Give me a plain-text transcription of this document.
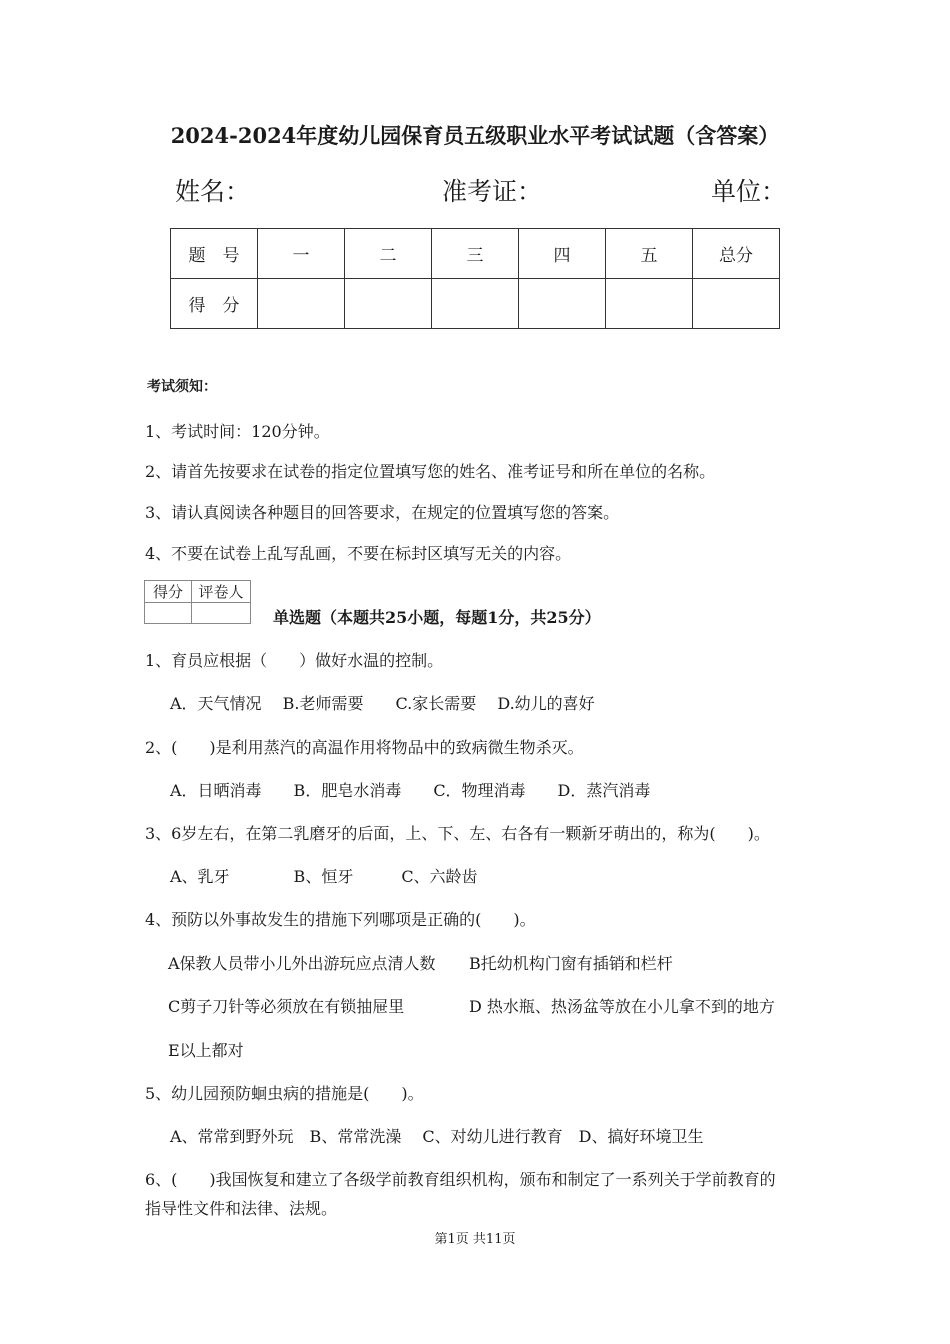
2024-2024年度幼儿园保育员五级职业水平考试试题（含答案）
姓名：	准考证：	单位：
题　号	一	二	三	四	五	总分
得　分						
考试须知：
1、考试时间：120分钟。
2、请首先按要求在试卷的指定位置填写您的姓名、准考证号和所在单位的名称。
3、请认真阅读各种题目的回答要求，在规定的位置填写您的答案。
4、不要在试卷上乱写乱画，不要在标封区填写无关的内容。
得分	评卷人

单选题（本题共25小题，每题1分，共25分）
1、育员应根据（　　）做好水温的控制。
A．天气情况　 B.老师需要　　C.家长需要　 D.幼儿的喜好
2、(　　)是利用蒸汽的高温作用将物品中的致病微生物杀灭。
A．日晒消毒　　B．肥皂水消毒　　C．物理消毒　　D．蒸汽消毒
3、6岁左右，在第二乳磨牙的后面，上、下、左、右各有一颗新牙萌出的，称为(　　)。
A、乳牙　　　　B、恒牙　　　C、六龄齿
4、预防以外事故发生的措施下列哪项是正确的(　　)。
A保教人员带小儿外出游玩应点清人数 B托幼机构门窗有插销和栏杆
C剪子刀针等必须放在有锁抽屉里	D 热水瓶、热汤盆等放在小儿拿不到的地方
E以上都对
5、幼儿园预防蛔虫病的措施是(　　)。
A、常常到野外玩　B、常常洗澡　 C、对幼儿进行教育　D、搞好环境卫生
6、(　　)我国恢复和建立了各级学前教育组织机构，颁布和制定了一系列关于学前教育的
指导性文件和法律、法规。
第1页 共11页
